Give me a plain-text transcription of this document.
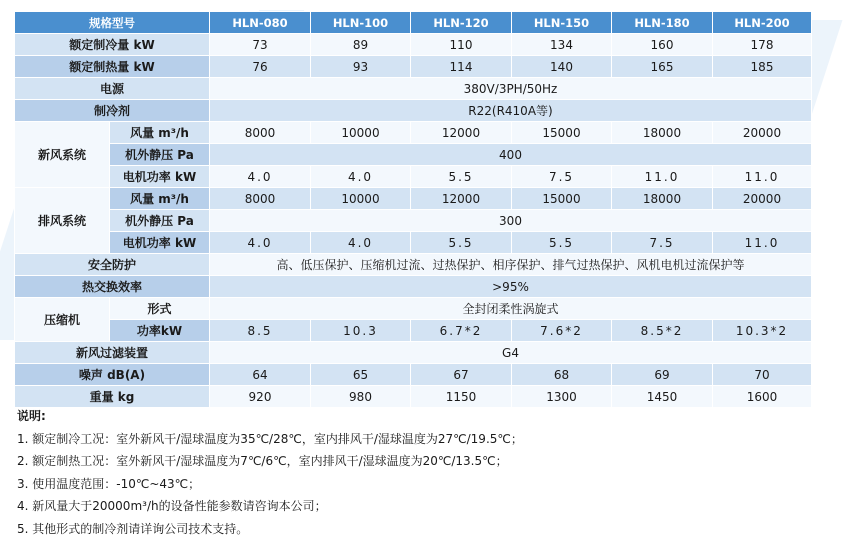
规格型号		HLN-080	HLN-100	HLN-120	HLN-150	HLN-180	HLN-200
额定制冷量 kW		73	89	110	134	160	178
额定制热量 kW		76	93	114	140	165	185
电源		380V/3PH/50Hz					
制冷剂		R22(R410A等)					
新风系统	风量 m³/h	8000	10000	12000	15000	18000	20000
	机外静压 Pa	400					
	电机功率 kW	4.0	4.0	5.5	7.5	11.0	11.0
排风系统	风量 m³/h	8000	10000	12000	15000	18000	20000
	机外静压 Pa	300					
	电机功率 kW	4.0	4.0	5.5	5.5	7.5	11.0
安全防护		高、低压保护、压缩机过流、过热保护、相序保护、排气过热保护、风机电机过流保护等					
热交换效率		>95%					
压缩机	形式	全封闭柔性涡旋式					
	功率kW	8.5	10.3	6.7*2	7.6*2	8.5*2	10.3*2
新风过滤装置		G4					
噪声 dB(A)		64	65	67	68	69	70
重量 kg		920	980	1150	1300	1450	1600
说明:
1. 额定制冷工况：室外新风干/湿球温度为35℃/28℃，室内排风干/湿球温度为27℃/19.5℃；
2. 额定制热工况：室外新风干/湿球温度为7℃/6℃，室内排风干/湿球温度为20℃/13.5℃；
3. 使用温度范围：-10℃~43℃；
4. 新风量大于20000m³/h的设备性能参数请咨询本公司；
5. 其他形式的制冷剂请详询公司技术支持。
